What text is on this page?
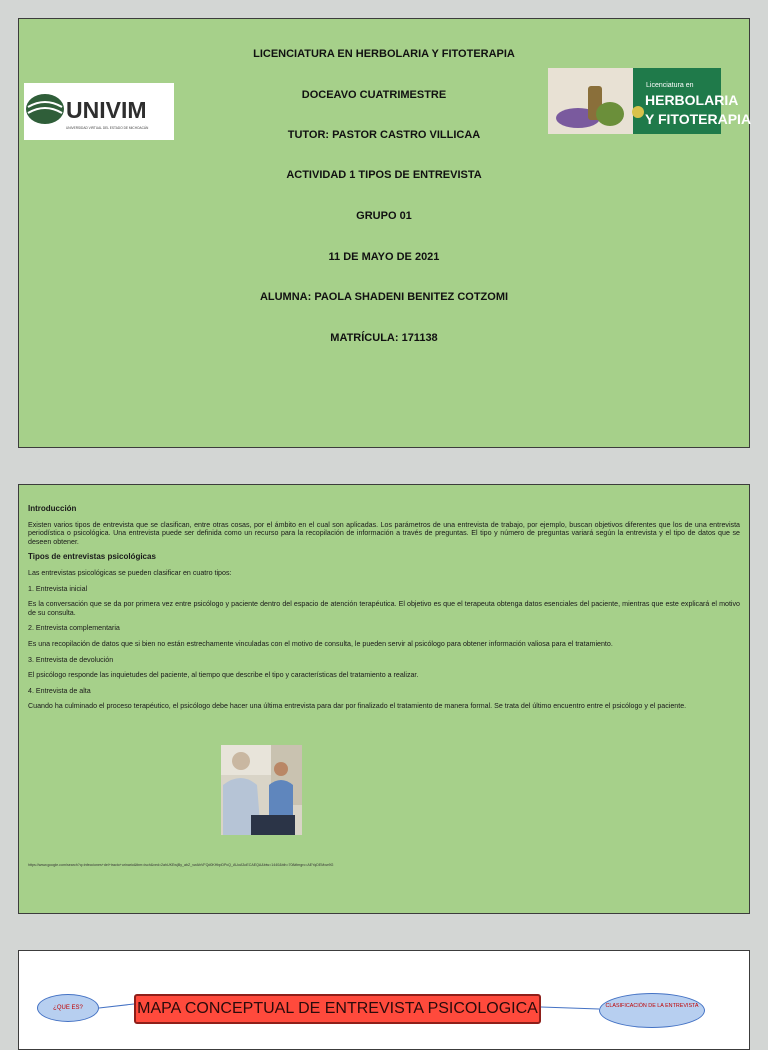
LICENCIATURA EN HERBOLARIA Y FITOTERAPIA
DOCEAVO CUATRIMESTRE
TUTOR: PASTOR CASTRO VILLICAA
ACTIVIDAD 1 TIPOS DE ENTREVISTA
GRUPO 01
11 DE MAYO DE 2021
ALUMNA: PAOLA SHADENI BENITEZ COTZOMI
MATRÍCULA: 171138
UNIVIM
UNIVERSIDAD VIRTUAL DEL ESTADO DE MICHOACÁN
Licenciatura en
HERBOLARIA
Y FITOTERAPIA

Introducción

Existen varios tipos de entrevista que se clasifican, entre otras cosas, por el ámbito en el cual son aplicadas. Los parámetros de una entrevista de trabajo, por ejemplo, buscan objetivos diferentes que los de una entrevista periodística o psicológica. Una entrevista puede ser definida como un recurso para la recopilación de información a través de preguntas. El tipo y número de preguntas variará según la entrevista y el tipo de datos que se deseen obtener.

Tipos de entrevistas psicológicas

Las entrevistas psicológicas se pueden clasificar en cuatro tipos:

1. Entrevista inicial

Es la conversación que se da por primera vez entre psicólogo y paciente dentro del espacio de atención terapéutica. El objetivo es que el terapeuta obtenga datos esenciales del paciente, mientras que este explicará el motivo de su consulta.

2. Entrevista complementaria

Es una recopilación de datos que si bien no están estrechamente vinculadas con el motivo de consulta, le pueden servir al psicólogo para obtener información valiosa para el tratamiento.

3. Entrevista de devolución

El psicólogo responde las inquietudes del paciente, al tiempo que describe el tipo y características del tratamiento a realizar.

4. Entrevista de alta

Cuando ha culminado el proceso terapéutico, el psicólogo debe hacer una última entrevista para dar por finalizado el tratamiento de manera formal. Se trata del último encuentro entre el psicólogo y el paciente.

https://www.google.com/search?q=infecciones+del+tracto+urinario&tbm=isch&ved=2ahUKEwjBy_abZ_vwAhVFQd0KHbpDPcQ_AUoA3oECAEQA&biw=1440&bih=708#imgrc=AEYqDEMxw9G
¿QUE ES?	MAPA CONCEPTUAL DE ENTREVISTA PSICOLOGICA	CLASIFICACIÓN DE LA ENTREVISTA
